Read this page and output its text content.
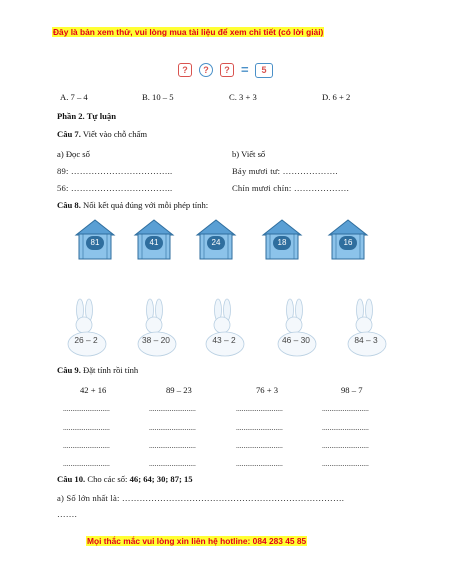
Đây là bản xem thử, vui lòng mua tài liệu để xem chi tiết (có lời giải)
?	?	? =	5
A. 7 – 4	B. 10 – 5	C. 3 + 3	D. 6 + 2
Phần 2. Tự luận
Câu 7. Viết vào chỗ chấm
a) Đọc số	b) Viết số
89: ……………………………..	Bảy mươi tư: ……………….
56: ……………………………..	Chín mươi chín: ……………….
Câu 8. Nối kết quả đúng với mỗi phép tính:
81	41	24	18	16
26 – 2	38 – 20	43 – 2	46 – 30	84 – 3
Câu 9. Đặt tính rồi tính
42 + 16	89 – 23	76 + 3	98 – 7
.........................	.........................	.........................	.........................
.........................	.........................	.........................	.........................
.........................	.........................	.........................	.........................
.........................	.........................	.........................	.........................
Câu 10. Cho các số: 46; 64; 30; 87; 15
a) Số lớn nhất là: ………………………………………………………………….
…….
Mọi thắc mắc vui lòng xin liên hệ hotline: 084 283 45 85
